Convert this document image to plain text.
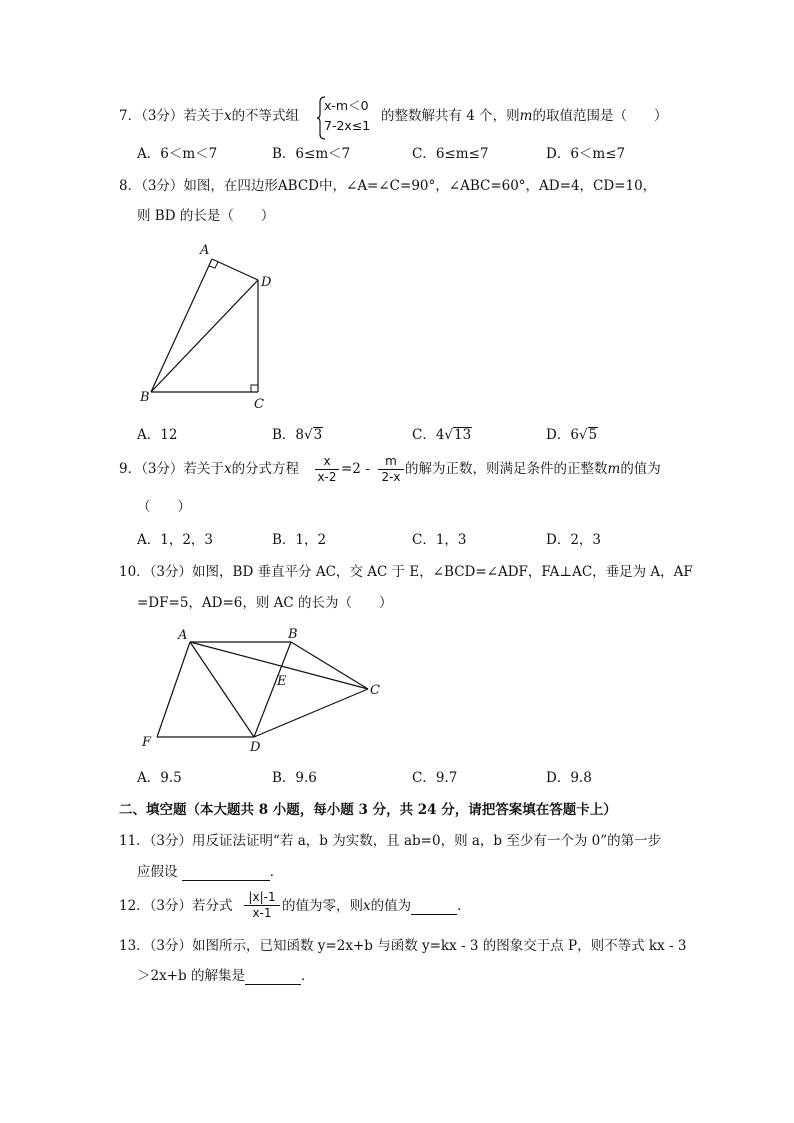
7．（3分）若关于x的不等式组
x-m＜0
7-2x≤1
的整数解共有 4 个，则m的取值范围是（　　）
A．6＜m＜7	B．6≤m＜7	C．6≤m≤7	D．6＜m≤7
8．（3分）如图，在四边形ABCD中，∠A=∠C=90°，∠ABC=60°，AD=4，CD=10，
则 BD 的长是（　　）
A
D
B	C
A．12	B．8√3	C．4√13	D．6√5
9．（3分）若关于x的分式方程 $\frac{x}{x-2} =2 - \frac{m}{2-x}$ 的解为正数，则满足条件的正整数m的值为
（　　）
A．1，2，3	B．1，2	C．1，3	D．2，3
10．（3分）如图，BD 垂直平分 AC，交 AC 于 E，∠BCD=∠ADF，FA⊥AC，垂足为 A，AF
=DF=5，AD=6，则 AC 的长为（　　）
A	B
C
D
E
F
A．9.5	B．9.6	C．9.7	D．9.8
二、填空题（本大题共 8 小题，每小题 3 分，共 24 分，请把答案填在答题卡上）
11．（3分）用反证法证明“若 a，b 为实数，且 ab=0，则 a，b 至少有一个为 0”的第一步
应假设	．
12．（3分）若分式 $\frac{|x|-1}{x-1}$ 的值为零，则x的值为	．
13．（3分）如图所示，已知函数 y=2x+b 与函数 y=kx - 3 的图象交于点 P，则不等式 kx - 3
＞2x+b 的解集是	．
